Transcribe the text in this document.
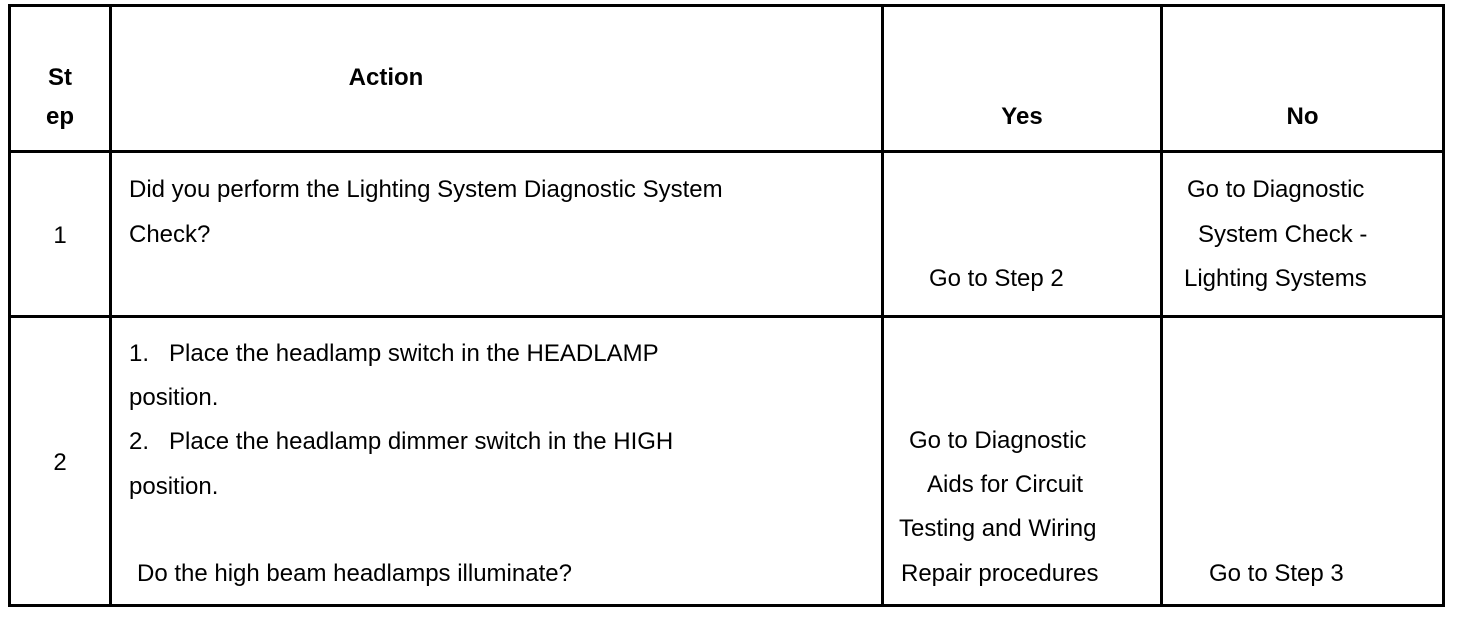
St
ep
Action
Yes	No
1
Did you perform the Lighting System Diagnostic System
Check?
Go to Step 2
Go to Diagnostic
System Check -
Lighting Systems
2
1.   Place the headlamp switch in the HEADLAMP
position.
2.   Place the headlamp dimmer switch in the HIGH
position.
Do the high beam headlamps illuminate?
Go to Diagnostic
Aids for Circuit
Testing and Wiring
Repair procedures	Go to Step 3
